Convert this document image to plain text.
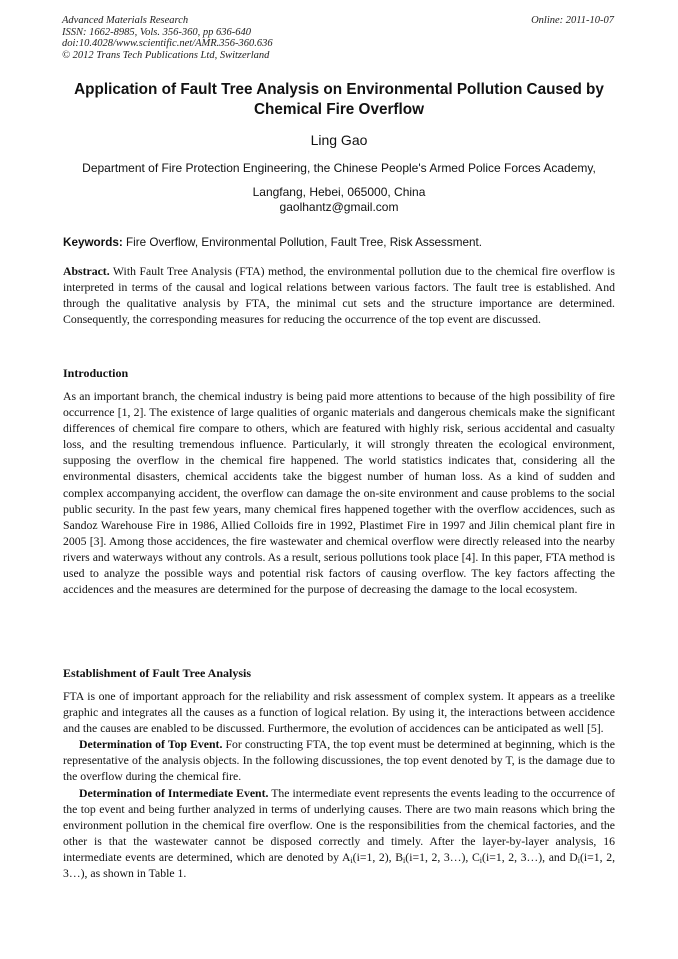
Advanced Materials Research
ISSN: 1662-8985, Vols. 356-360, pp 636-640
doi:10.4028/www.scientific.net/AMR.356-360.636
© 2012 Trans Tech Publications Ltd, Switzerland
Online: 2011-10-07
Application of Fault Tree Analysis on Environmental Pollution Caused by Chemical Fire Overflow
Ling Gao
Department of Fire Protection Engineering, the Chinese People's Armed Police Forces Academy,
Langfang, Hebei, 065000, China
gaolhantz@gmail.com
Keywords: Fire Overflow, Environmental Pollution, Fault Tree, Risk Assessment.
Abstract. With Fault Tree Analysis (FTA) method, the environmental pollution due to the chemical fire overflow is interpreted in terms of the causal and logical relations between various factors. The fault tree is established. And through the qualitative analysis by FTA, the minimal cut sets and the structure importance are determined. Consequently, the corresponding measures for reducing the occurrence of the top event are discussed.
Introduction
As an important branch, the chemical industry is being paid more attentions to because of the high possibility of fire occurrence [1, 2]. The existence of large qualities of organic materials and dangerous chemicals make the significant differences of chemical fire compare to others, which are featured with highly risk, serious accidental and casualty loss, and the resulting tremendous influence. Particularly, it will strongly threaten the ecological environment, supposing the overflow in the chemical fire happened. The world statistics indicates that, considering all the environmental disasters, chemical accidents take the biggest number of human loss. As a kind of sudden and complex accompanying accident, the overflow can damage the on-site environment and cause problems to the social public security. In the past few years, many chemical fires happened together with the overflow accidences, such as Sandoz Warehouse Fire in 1986, Allied Colloids fire in 1992, Plastimet Fire in 1997 and Jilin chemical plant fire in 2005 [3]. Among those accidences, the fire wastewater and chemical overflow were directly released into the nearby rivers and waterways without any controls. As a result, serious pollutions took place [4]. In this paper, FTA method is used to analyze the possible ways and potential risk factors of causing overflow. The key factors affecting the accidences and the measures are determined for the purpose of decreasing the damage to the local ecosystem.
Establishment of Fault Tree Analysis

FTA is one of important approach for the reliability and risk assessment of complex system. It appears as a treelike graphic and integrates all the causes as a function of logical relation. By using it, the interactions between accidence and the causes are enabled to be discussed. Furthermore, the evolution of accidences can be anticipated as well [5].

Determination of Top Event. For constructing FTA, the top event must be determined at beginning, which is the representative of the analysis objects. In the following discussiones, the top event denoted by T, is the damage due to the overflow during the chemical fire.

Determination of Intermediate Event. The intermediate event represents the events leading to the occurrence of the top event and being further analyzed in terms of underlying causes. There are two main reasons which bring the environment pollution in the chemical fire overflow. One is the responsibilities from the chemical factories, and the other is that the wastewater cannot be disposed correctly and timely. After the layer-by-layer analysis, 16 intermediate events are determined, which are denoted by $A_i(i=1$, 2), $B_i(i=1$, 2, 3…), $C_i(i=1$, 2, 3…), and $D_i(i=1$, 2, 3…), as shown in Table 1.
